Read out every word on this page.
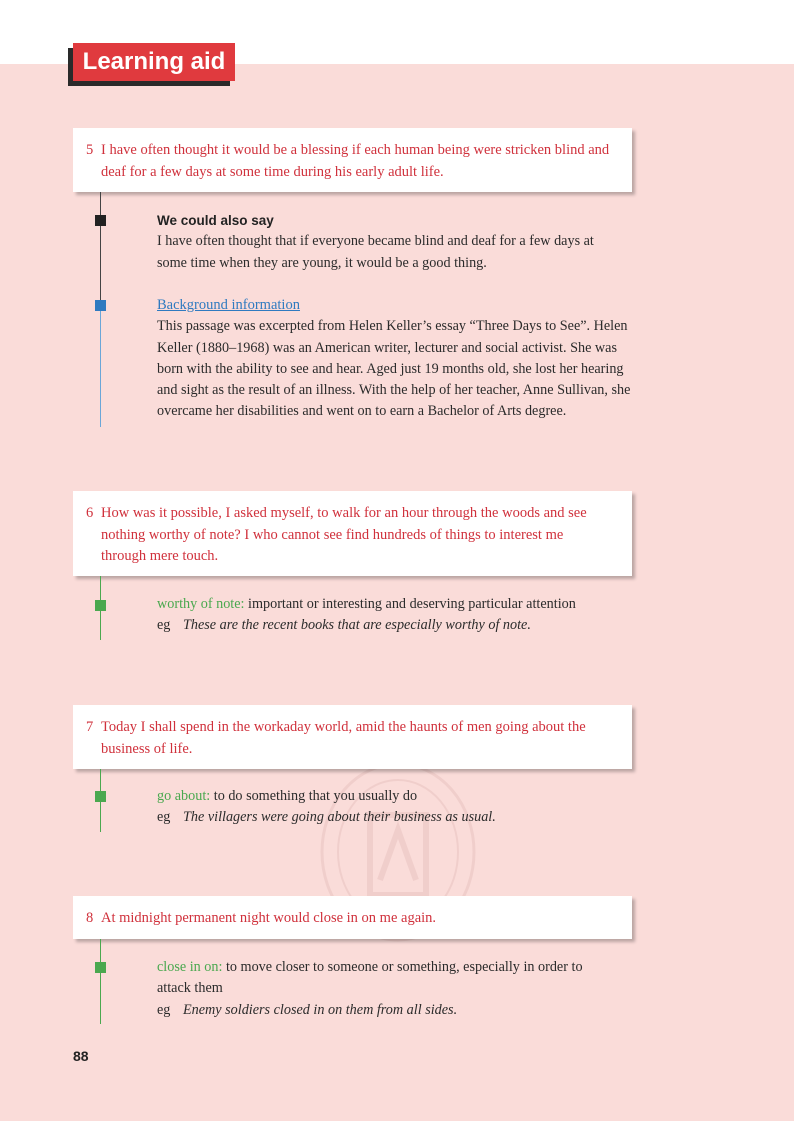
Learning aid
5 I have often thought it would be a blessing if each human being were stricken blind and deaf for a few days at some time during his early adult life.
We could also say
I have often thought that if everyone became blind and deaf for a few days at some time when they are young, it would be a good thing.
Background information
This passage was excerpted from Helen Keller’s essay “Three Days to See”. Helen Keller (1880–1968) was an American writer, lecturer and social activist. She was born with the ability to see and hear. Aged just 19 months old, she lost her hearing and sight as the result of an illness. With the help of her teacher, Anne Sullivan, she overcame her disabilities and went on to earn a Bachelor of Arts degree.
6 How was it possible, I asked myself, to walk for an hour through the woods and see nothing worthy of note? I who cannot see find hundreds of things to interest me through mere touch.
worthy of note: important or interesting and deserving particular attention
eg These are the recent books that are especially worthy of note.
7 Today I shall spend in the workaday world, amid the haunts of men going about the business of life.
go about: to do something that you usually do
eg The villagers were going about their business as usual.
8 At midnight permanent night would close in on me again.
close in on: to move closer to someone or something, especially in order to attack them
eg Enemy soldiers closed in on them from all sides.
88
